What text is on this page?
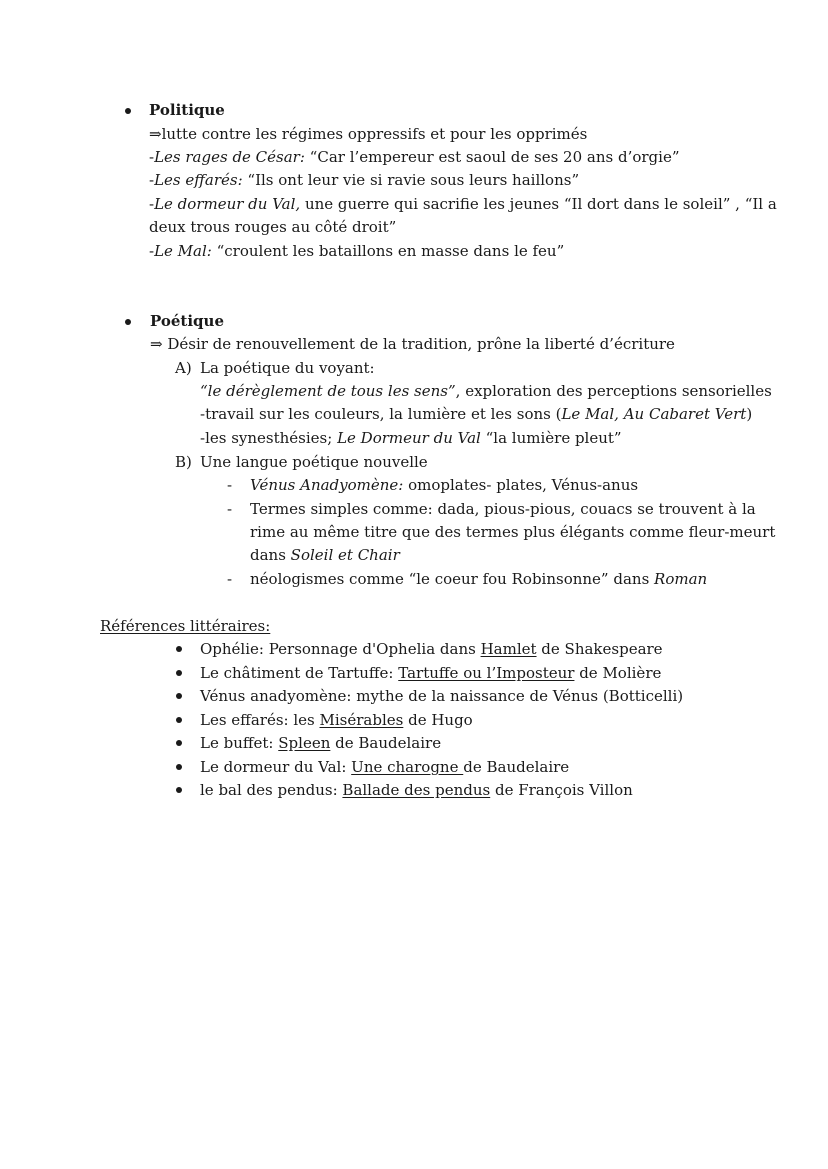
Politique
⇒lutte contre les régimes oppressifs et pour les opprimés
-Les rages de César: “Car l’empereur est saoul de ses 20 ans d’orgie”
-Les effarés: “Ils ont leur vie si ravie sous leurs haillons”
-Le dormeur du Val, une guerre qui sacrifie les jeunes “Il dort dans le soleil” , “Il a
deux trous rouges au côté droit”
-Le Mal: “croulent les bataillons en masse dans le feu”
Poétique
⇒ Désir de renouvellement de la tradition, prône la liberté d’écriture
A) La poétique du voyant:
“le dérèglement de tous les sens”, exploration des perceptions sensorielles
-travail sur les couleurs, la lumière et les sons (Le Mal, Au Cabaret Vert)
-les synesthésies; Le Dormeur du Val “la lumière pleut”
B) Une langue poétique nouvelle
- Vénus Anadyomène: omoplates- plates, Vénus-anus
- Termes simples comme: dada, pious-pious, couacs se trouvent à la
rime au même titre que des termes plus élégants comme fleur-meurt
dans Soleil et Chair
- néologismes comme “le coeur fou Robinsonne” dans Roman
Références littéraires:
Ophélie: Personnage d'Ophelia dans Hamlet de Shakespeare
Le châtiment de Tartuffe: Tartuffe ou l’Imposteur de Molière
Vénus anadyomène: mythe de la naissance de Vénus (Botticelli)
Les effarés: les Misérables de Hugo
Le buffet: Spleen de Baudelaire
Le dormeur du Val: Une charogne de Baudelaire
le bal des pendus: Ballade des pendus de François Villon
